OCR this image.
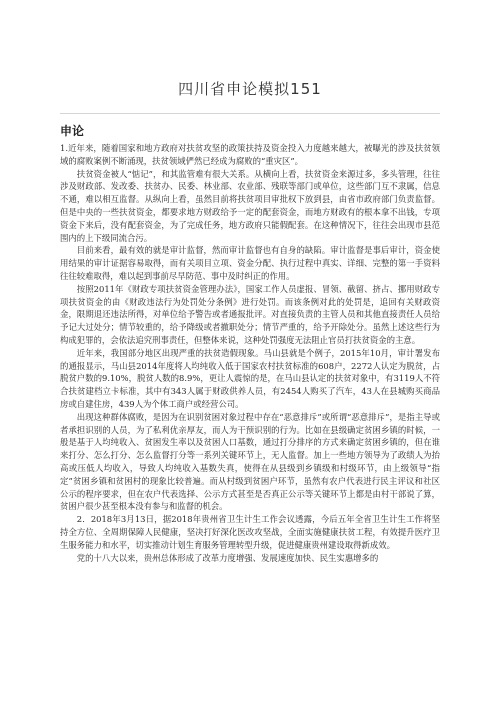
四川省申论模拟151
申论

1.近年来，随着国家和地方政府对扶贫攻坚的政策扶持及资金投入力度越来越大，被曝光的涉及扶贫领域的腐败案例不断涌现，扶贫领域俨然已经成为腐败的“重灾区”。

扶贫资金被人“惦记”，和其监管难有很大关系。从横向上看，扶贫资金来源过多，多头管理，往往涉及财政部、发改委、扶贫办、民委、林业部、农业部、残联等部门或单位，这些部门互不隶属，信息不通，难以相互监督。从纵向上看，虽然目前将扶贫项目审批权下放到县，由省市政府部门负责监督。但是中央的一些扶贫资金，都要求地方财政给予一定的配套资金，而地方财政有的根本拿不出钱，专项资金下来后，没有配套资金，为了完成任务，地方政府只能假配套。在这种情况下，往往会出现市县范围内的上下级同流合污。

目前来看，最有效的就是审计监督，然而审计监督也有自身的缺陷。审计监督是事后审计，资金使用结果的审计证据容易取得，而有关项目立项、资金分配、执行过程中真实、详细、完整的第一手资料往往较难取得，难以起到事前尽早防范、事中及时纠正的作用。

按照2011年《财政专项扶贫资金管理办法》，国家工作人员虚报、冒领、截留、挤占、挪用财政专项扶贫资金的由《财政违法行为处罚处分条例》进行处罚。而该条例对此的处罚是，追回有关财政资金，限期退还违法所得，对单位给予警告或者通报批评。对直接负责的主管人员和其他直接责任人员给予记大过处分；情节较重的，给予降级或者撤职处分；情节严重的，给予开除处分。虽然上述这些行为构成犯罪的，会依法追究刑事责任，但整体来说，这种处罚强度无法阻止官员打扶贫资金的主意。

近年来，我国部分地区出现严重的扶贫造假现象。马山县就是个例子，2015年10月，审计署发布的通报显示，马山县2014年度将人均纯收入低于国家农村扶贫标准的608户，2272人认定为脱贫，占脱贫户数的9.10%，脱贫人数的8.9%，更让人震惊的是，在马山县认定的扶贫对象中，有3119人不符合扶贫建档立卡标准，其中有343人属于财政供养人员，有2454人购买了汽车，43人在县城购买商品房或自建住房，439人为个体工商户或经营公司。

出现这种群体腐败，是因为在识别贫困对象过程中存在“恶意排斥”或所谓“恶意排斥”，是指主导或者承担识别的人员，为了私利优亲厚友，而人为干预识别的行为。比如在县级确定贫困乡镇的时候，一般是基于人均纯收入、贫困发生率以及贫困人口基数，通过打分排序的方式来确定贫困乡镇的，但在谁来打分、怎么打分、怎么监督打分等一系列关键环节上，无人监督。加上一些地方领导为了政绩人为抬高或压低人均收入，导致人均纯收入基数失真，使得在从县级到乡镇级和村级环节，由上级领导“指定”贫困乡镇和贫困村的现象比较普遍。而从村级到贫困户环节，虽然有农户代表进行民主评议和社区公示的程序要求，但在农户代表选择、公示方式甚至是否真正公示等关键环节上都是由村干部说了算，贫困户很少甚至根本没有参与和监督的机会。

2．2018年3月13日，据2018年贵州省卫生计生工作会议透露，今后五年全省卫生计生工作将坚持全方位、全周期保障人民健康，坚决打好深化医改攻坚战，全面实施健康扶贫工程，有效提升医疗卫生服务能力和水平，切实推动计划生育服务管理转型升级，促进健康贵州建设取得新成效。

党的十八大以来，贵州总体形成了改革力度增强、发展速度加快、民生实惠增多的
